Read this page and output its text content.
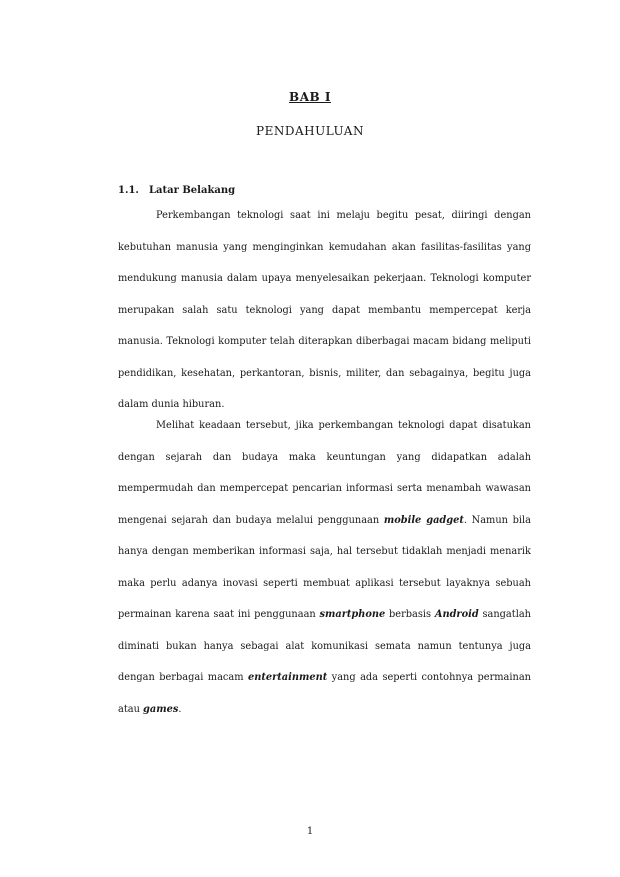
BAB I
PENDAHULUAN
1.1. Latar Belakang

Perkembangan teknologi saat ini melaju begitu pesat, diiringi dengan kebutuhan manusia yang menginginkan kemudahan akan fasilitas-fasilitas yang mendukung manusia dalam upaya menyelesaikan pekerjaan. Teknologi komputer merupakan salah satu teknologi yang dapat membantu mempercepat kerja manusia. Teknologi komputer telah diterapkan diberbagai macam bidang meliputi pendidikan, kesehatan, perkantoran, bisnis, militer, dan sebagainya, begitu juga dalam dunia hiburan.

Melihat keadaan tersebut, jika perkembangan teknologi dapat disatukan dengan sejarah dan budaya maka keuntungan yang didapatkan adalah mempermudah dan mempercepat pencarian informasi serta menambah wawasan mengenai sejarah dan budaya melalui penggunaan mobile gadget. Namun bila hanya dengan memberikan informasi saja, hal tersebut tidaklah menjadi menarik maka perlu adanya inovasi seperti membuat aplikasi tersebut layaknya sebuah permainan karena saat ini penggunaan smartphone berbasis Android sangatlah diminati bukan hanya sebagai alat komunikasi semata namun tentunya juga dengan berbagai macam entertainment yang ada seperti contohnya permainan atau games.

1
